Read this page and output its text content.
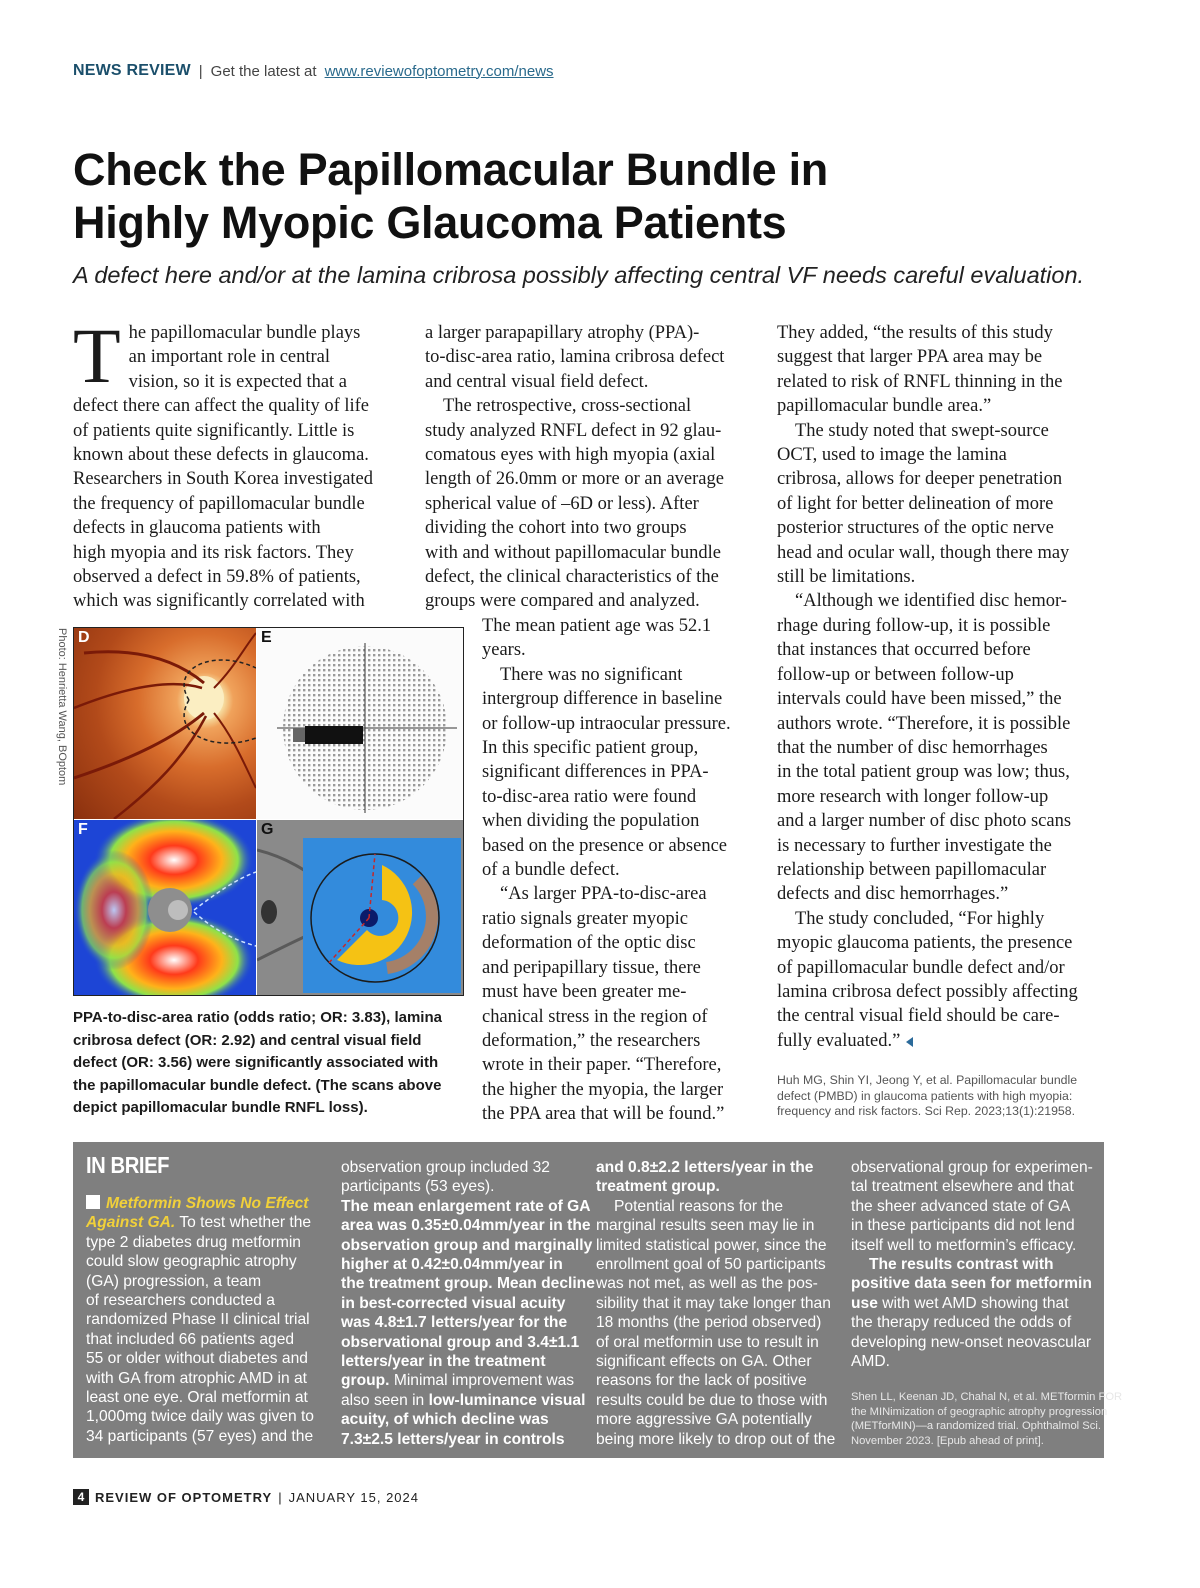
NEWS REVIEW | Get the latest at www.reviewofoptometry.com/news
Check the Papillomacular Bundle in
Highly Myopic Glaucoma Patients

A defect here and/or at the lamina cribrosa possibly affecting central VF needs careful evaluation.

T he papillomacular bundle plays

an important role in central

vision, so it is expected that a

defect there can affect the quality of life

of patients quite significantly. Little is

known about these defects in glaucoma.

Researchers in South Korea investigated

the frequency of papillomacular bundle

defects in glaucoma patients with

high myopia and its risk factors. They

observed a defect in 59.8% of patients,

which was significantly correlated with

a larger parapapillary atrophy (PPA)-

to-disc-area ratio, lamina cribrosa defect

and central visual field defect.

The retrospective, cross-sectional

study analyzed RNFL defect in 92 glau-

comatous eyes with high myopia (axial

length of 26.0mm or more or an average

spherical value of –6D or less). After

dividing the cohort into two groups

with and without papillomacular bundle

defect, the clinical characteristics of the

groups were compared and analyzed.

The mean patient age was 52.1

years.

There was no significant

intergroup difference in baseline

or follow-up intraocular pressure.

In this specific patient group,

significant differences in PPA-

to-disc-area ratio were found

when dividing the population

based on the presence or absence

of a bundle defect.

“As larger PPA-to-disc-area

ratio signals greater myopic

deformation of the optic disc

and peripapillary tissue, there

must have been greater me-

chanical stress in the region of

deformation,” the researchers

wrote in their paper. “Therefore,

the higher the myopia, the larger

the PPA area that will be found.”

They added, “the results of this study

suggest that larger PPA area may be

related to risk of RNFL thinning in the

papillomacular bundle area.”

The study noted that swept-source

OCT, used to image the lamina

cribrosa, allows for deeper penetration

of light for better delineation of more

posterior structures of the optic nerve

head and ocular wall, though there may

still be limitations.

“Although we identified disc hemor-

rhage during follow-up, it is possible

that instances that occurred before

follow-up or between follow-up

intervals could have been missed,” the

authors wrote. “Therefore, it is possible

that the number of disc hemorrhages

in the total patient group was low; thus,

more research with longer follow-up

and a larger number of disc photo scans

is necessary to further investigate the

relationship between papillomacular

defects and disc hemorrhages.”

The study concluded, “For highly

myopic glaucoma patients, the presence

of papillomacular bundle defect and/or

lamina cribrosa defect possibly affecting

the central visual field should be care-

fully evaluated.”

Huh MG, Shin YI, Jeong Y, et al. Papillomacular bundle

defect (PMBD) in glaucoma patients with high myopia:

frequency and risk factors. Sci Rep. 2023;13(1):21958.

Photo: Henrietta Wang, BOptom D	E
F	G

PPA-to-disc-area ratio (odds ratio; OR: 3.83), lamina

cribrosa defect (OR: 2.92) and central visual field

defect (OR: 3.56) were significantly associated with

the papillomacular bundle defect. (The scans above

depict papillomacular bundle RNFL loss).

IN BRIEF

Metformin Shows No Effect

Against GA. To test whether the

type 2 diabetes drug metformin

could slow geographic atrophy

(GA) progression, a team

of researchers conducted a

randomized Phase II clinical trial

that included 66 patients aged

55 or older without diabetes and

with GA from atrophic AMD in at

least one eye. Oral metformin at

1,000mg twice daily was given to

34 participants (57 eyes) and the

observation group included 32

participants (53 eyes).

The mean enlargement rate of GA

area was 0.35±0.04mm/year in the

observation group and marginally

higher at 0.42±0.04mm/year in

the treatment group. Mean decline

in best-corrected visual acuity

was 4.8±1.7 letters/year for the

observational group and 3.4±1.1

letters/year in the treatment

group. Minimal improvement was

also seen in low-luminance visual

acuity, of which decline was

7.3±2.5 letters/year in controls

and 0.8±2.2 letters/year in the

treatment group.

Potential reasons for the

marginal results seen may lie in

limited statistical power, since the

enrollment goal of 50 participants

was not met, as well as the pos-

sibility that it may take longer than

18 months (the period observed)

of oral metformin use to result in

significant effects on GA. Other

reasons for the lack of positive

results could be due to those with

more aggressive GA potentially

being more likely to drop out of the

observational group for experimen-

tal treatment elsewhere and that

the sheer advanced state of GA

in these participants did not lend

itself well to metformin’s efficacy.

The results contrast with

positive data seen for metformin

use with wet AMD showing that

the therapy reduced the odds of

developing new-onset neovascular

AMD.

Shen LL, Keenan JD, Chahal N, et al. METformin FOR

the MINimization of geographic atrophy progression

(METforMIN)—a randomized trial. Ophthalmol Sci.

November 2023. [Epub ahead of print].

4 REVIEW OF OPTOMETRY | JANUARY 15, 2024
